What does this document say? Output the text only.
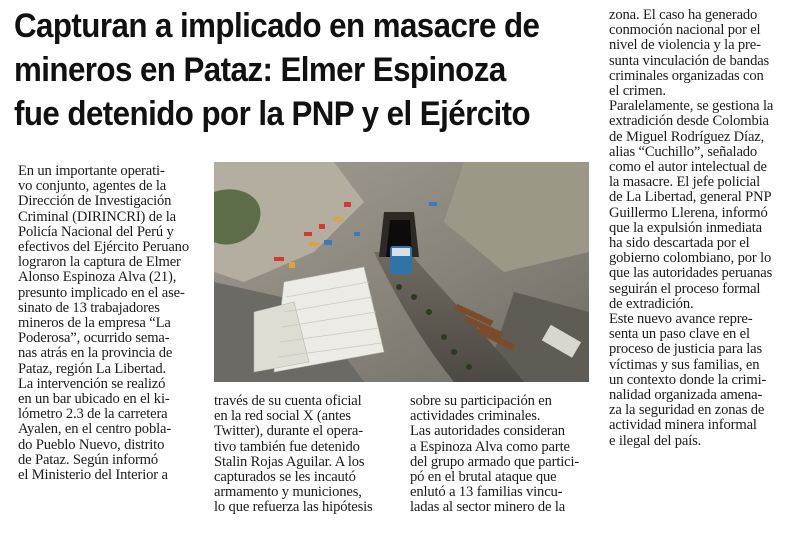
Capturan a implicado en masacre de
mineros en Pataz: Elmer Espinoza
fue detenido por la PNP y el Ejército

En un importante operati-

vo conjunto, agentes de la

Dirección de Investigación

Criminal (DIRINCRI) de la

Policía Nacional del Perú y

efectivos del Ejército Peruano

lograron la captura de Elmer

Alonso Espinoza Alva (21),

presunto implicado en el ase-

sinato de 13 trabajadores

mineros de la empresa “La

Poderosa”, ocurrido sema-

nas atrás en la provincia de

Pataz, región La Libertad.

La intervención se realizó

en un bar ubicado en el ki-

lómetro 2.3 de la carretera

Ayalen, en el centro pobla-

do Pueblo Nuevo, distrito

de Pataz. Según informó

el Ministerio del Interior a

través de su cuenta oficial

en la red social X (antes

Twitter), durante el opera-

tivo también fue detenido

Stalin Rojas Aguilar. A los

capturados se les incautó

armamento y municiones,

lo que refuerza las hipótesis

sobre su participación en

actividades criminales.

Las autoridades consideran

a Espinoza Alva como parte

del grupo armado que partici-

pó en el brutal ataque que

enlutó a 13 familias vincu-

ladas al sector minero de la

zona. El caso ha generado

conmoción nacional por el

nivel de violencia y la pre-

sunta vinculación de bandas

criminales organizadas con

el crimen.

Paralelamente, se gestiona la

extradición desde Colombia

de Miguel Rodríguez Díaz,

alias “Cuchillo”, señalado

como el autor intelectual de

la masacre. El jefe policial

de La Libertad, general PNP

Guillermo Llerena, informó

que la expulsión inmediata

ha sido descartada por el

gobierno colombiano, por lo

que las autoridades peruanas

seguirán el proceso formal

de extradición.

Este nuevo avance repre-

senta un paso clave en el

proceso de justicia para las

víctimas y sus familias, en

un contexto donde la crimi-

nalidad organizada amena-

za la seguridad en zonas de

actividad minera informal

e ilegal del país.
